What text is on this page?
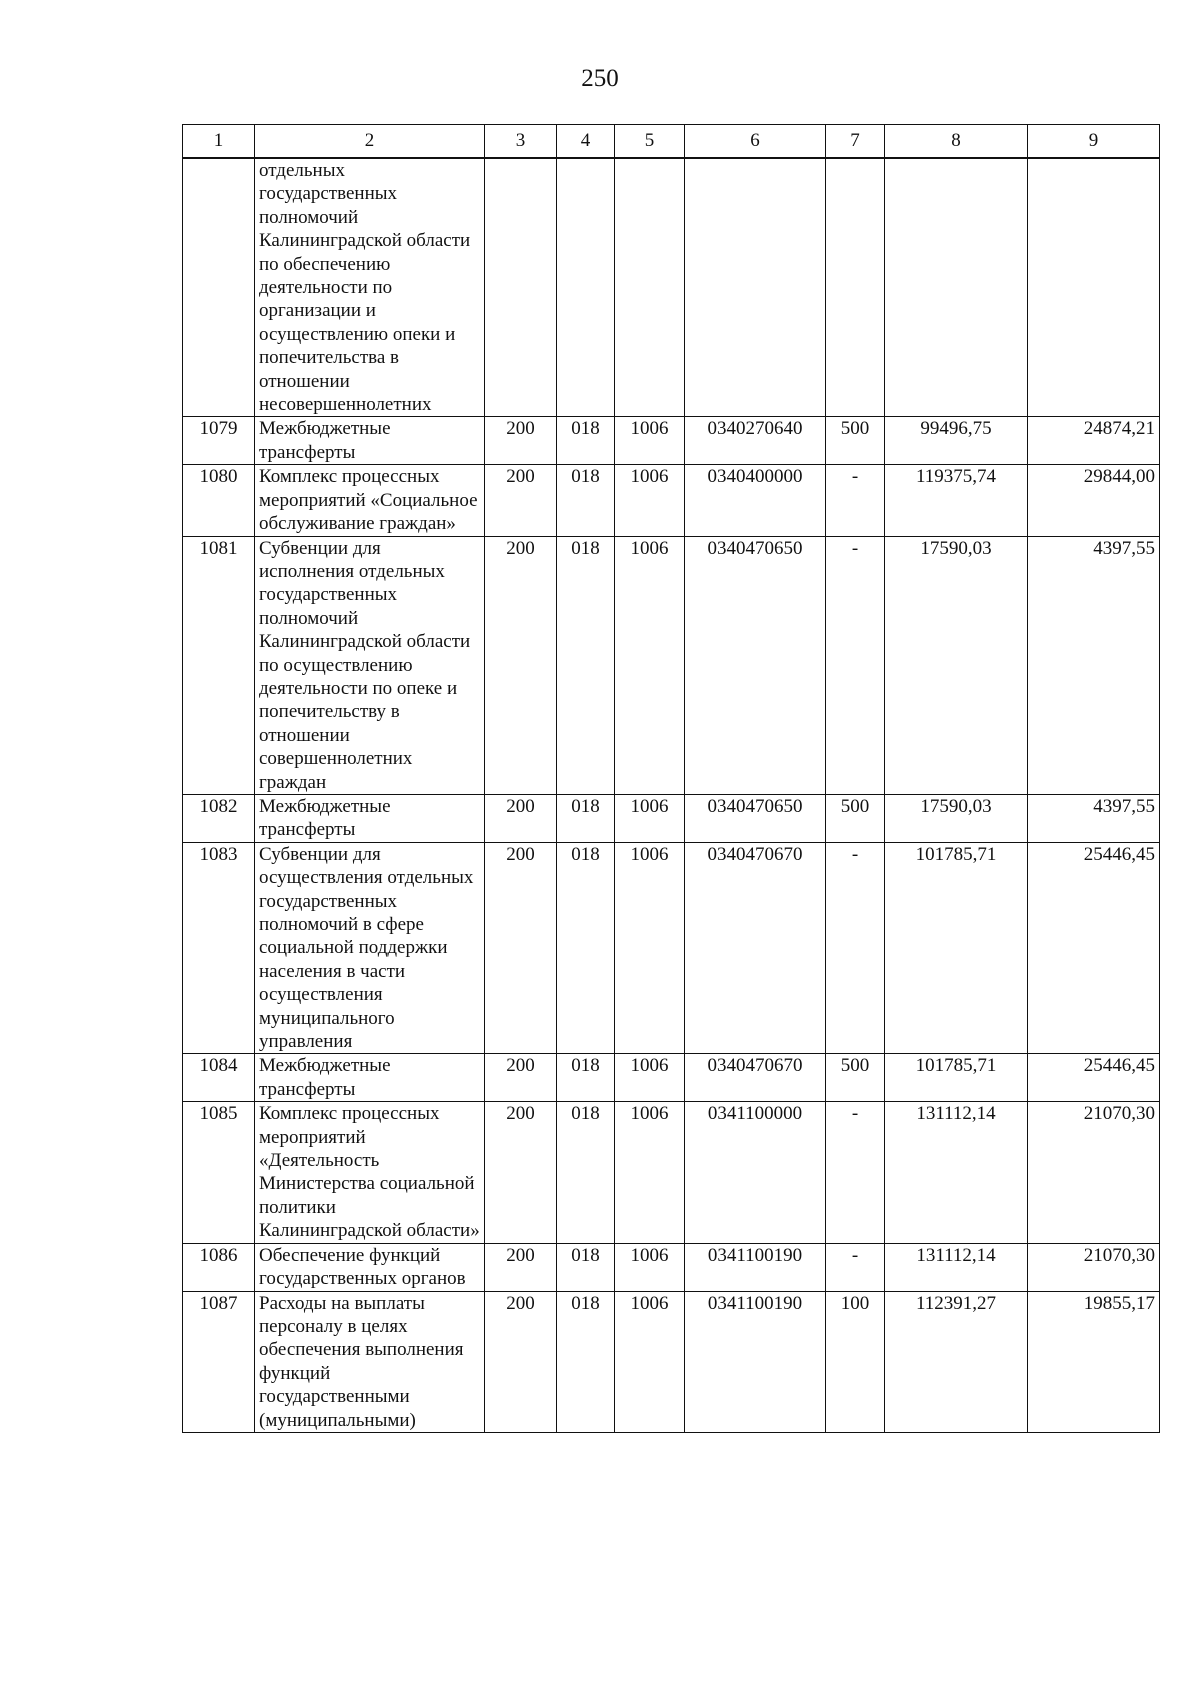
250
1	2	3	4	5	6	7	8	9
	отдельных государственных полномочий Калининградской области по обеспечению деятельности по организации и осуществлению опеки и попечительства в отношении несовершеннолетних							
1079	Межбюджетные трансферты	200	018	1006	0340270640	500	99496,75	24874,21
1080	Комплекс процессных мероприятий «Социальное обслуживание граждан»	200	018	1006	0340400000	-	119375,74	29844,00
1081	Субвенции для исполнения отдельных государственных полномочий Калининградской области по осуществлению деятельности по опеке и попечительству в отношении совершеннолетних граждан	200	018	1006	0340470650	-	17590,03	4397,55
1082	Межбюджетные трансферты	200	018	1006	0340470650	500	17590,03	4397,55
1083	Субвенции для осуществления отдельных государственных полномочий в сфере социальной поддержки населения в части осуществления муниципального управления	200	018	1006	0340470670	-	101785,71	25446,45
1084	Межбюджетные трансферты	200	018	1006	0340470670	500	101785,71	25446,45
1085	Комплекс процессных мероприятий «Деятельность Министерства социальной политики Калининградской области»	200	018	1006	0341100000	-	131112,14	21070,30
1086	Обеспечение функций государственных органов	200	018	1006	0341100190	-	131112,14	21070,30
1087	Расходы на выплаты персоналу в целях обеспечения выполнения функций государственными (муниципальными)	200	018	1006	0341100190	100	112391,27	19855,17
